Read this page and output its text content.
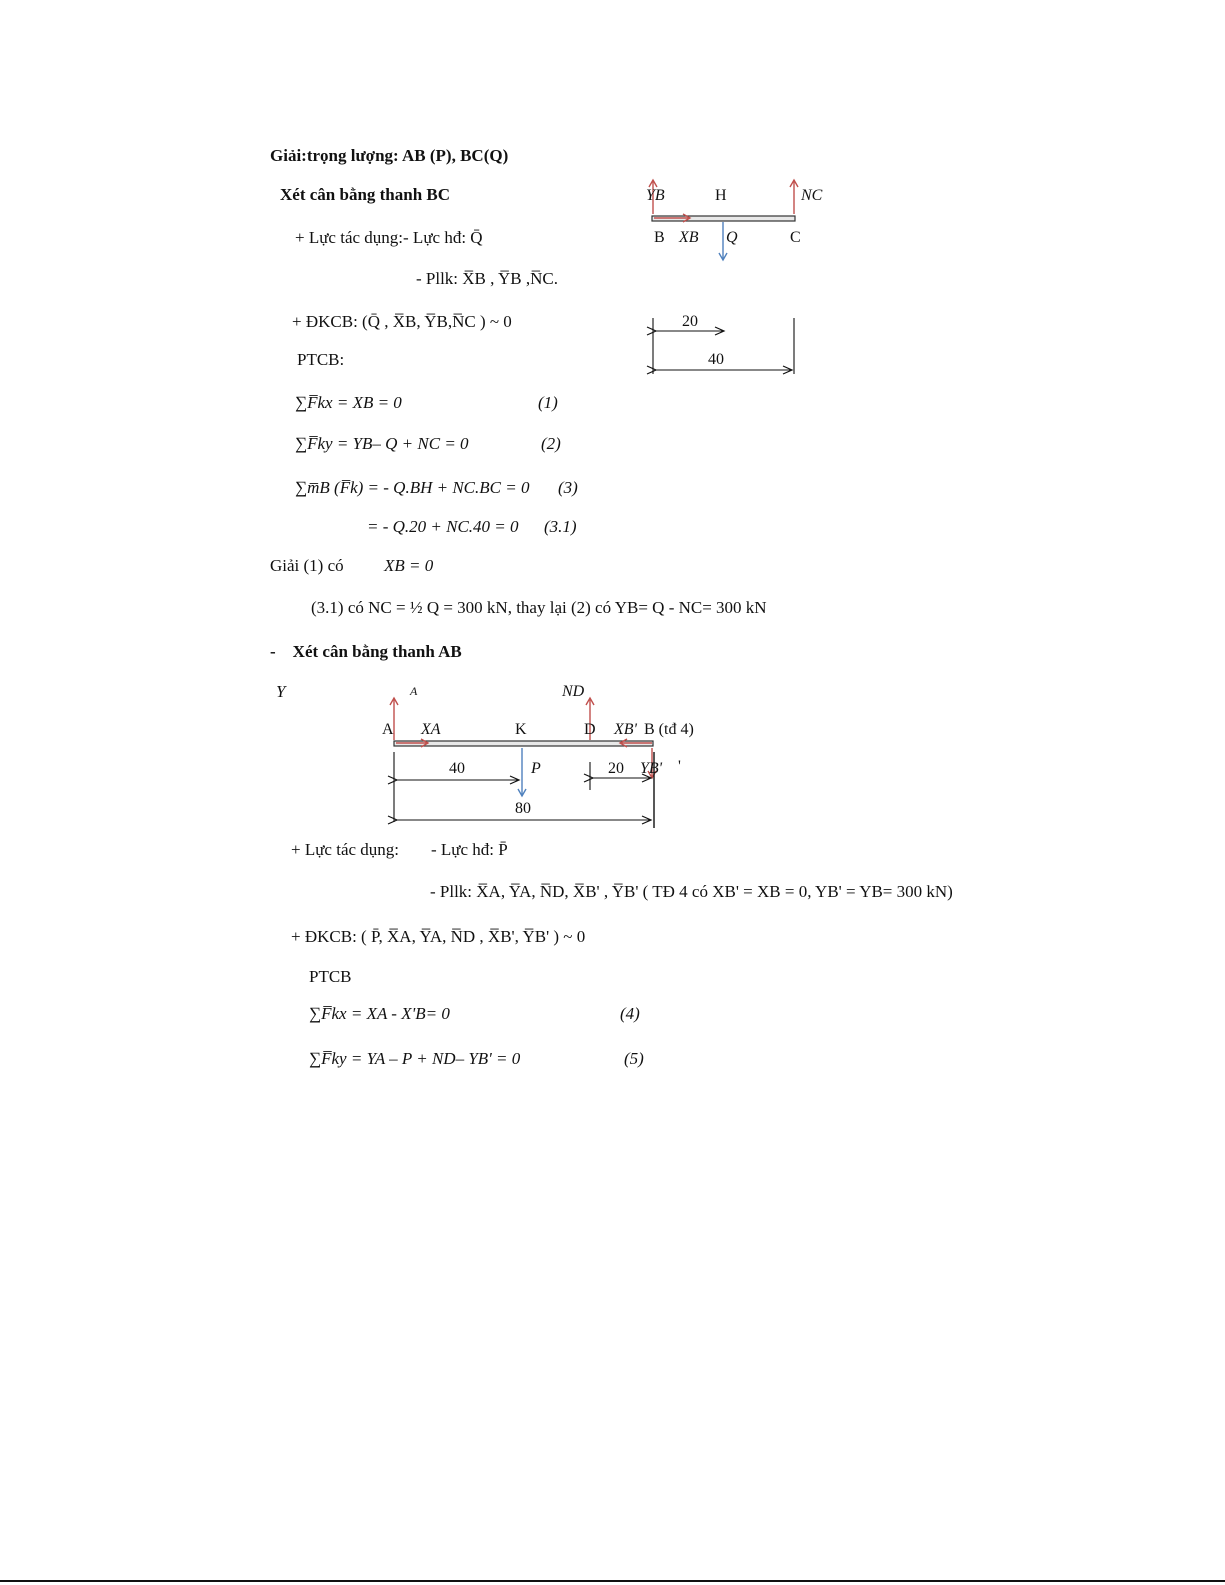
Giải:trọng lượng: AB (P), BC(Q)
Xét cân bằng thanh BC
+ Lực tác dụng:- Lực hđ: Q̄
- Pllk: X̅B , Y̅B ,N̅C.
+ ĐKCB: (Q̄ , X̅B, Y̅B,N̅C ) ~ 0
PTCB:
∑F̅kx = XB = 0	(1)
∑F̅ky = YB– Q + NC = 0	(2)
∑m̅B (F̅k) = - Q.BH + NC.BC = 0 (3)
= - Q.20 + NC.40 = 0 (3.1)
Giải (1) có XB = 0
(3.1) có NC = ½ Q = 300 kN, thay lại (2) có YB= Q - NC= 300 kN
-    Xét cân bằng thanh AB
+ Lực tác dụng: - Lực hđ: P̄
- Pllk: X̅A, Y̅A, N̅D, X̅B' , Y̅B' ( TĐ 4 có XB' = XB = 0, YB' = YB= 300 kN)
+ ĐKCB: ( P̄, X̅A, Y̅A, N̅D , X̅B', Y̅B' ) ~ 0
PTCB
∑F̅kx = XA - X'B= 0	(4)
∑F̅ky = YA – P + ND– YB' = 0	(5)
YB	H	NC
B XB Q	C
20
40
Y	A	ND
A XA	K	D XB' B (tđ 4)
40	P	20 YB' '
80
